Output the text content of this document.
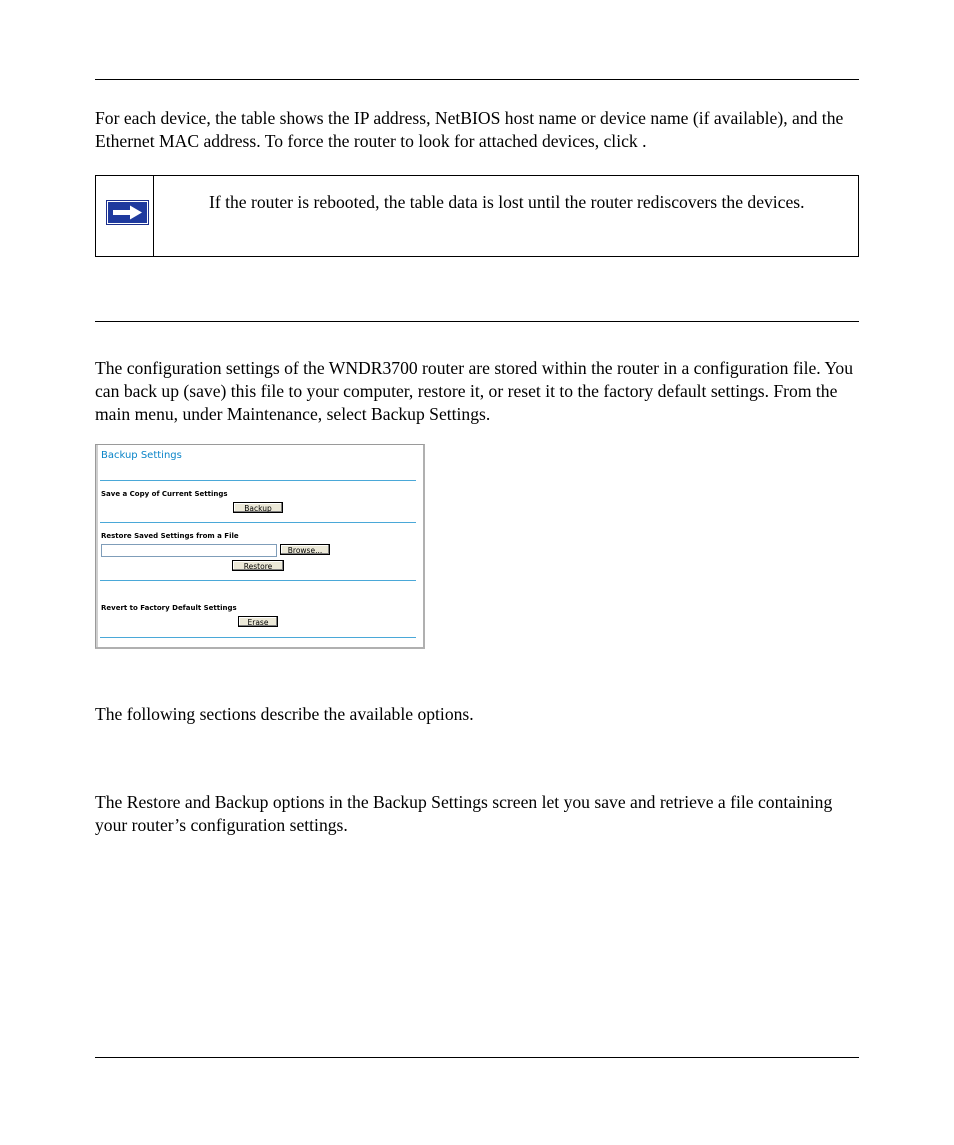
For each device, the table shows the IP address, NetBIOS host name or device name (if available), and the Ethernet MAC address. To force the router to look for attached devices, click .

If the router is rebooted, the table data is lost until the router rediscovers the devices.

The configuration settings of the WNDR3700 router are stored within the router in a configuration file. You can back up (save) this file to your computer, restore it, or reset it to the factory default settings. From the main menu, under Maintenance, select Backup Settings.

Backup Settings
Save a Copy of Current Settings
Backup
Restore Saved Settings from a File
Browse...
Restore
Revert to Factory Default Settings
Erase

The following sections describe the available options.

The Restore and Backup options in the Backup Settings screen let you save and retrieve a file containing your router’s configuration settings.
